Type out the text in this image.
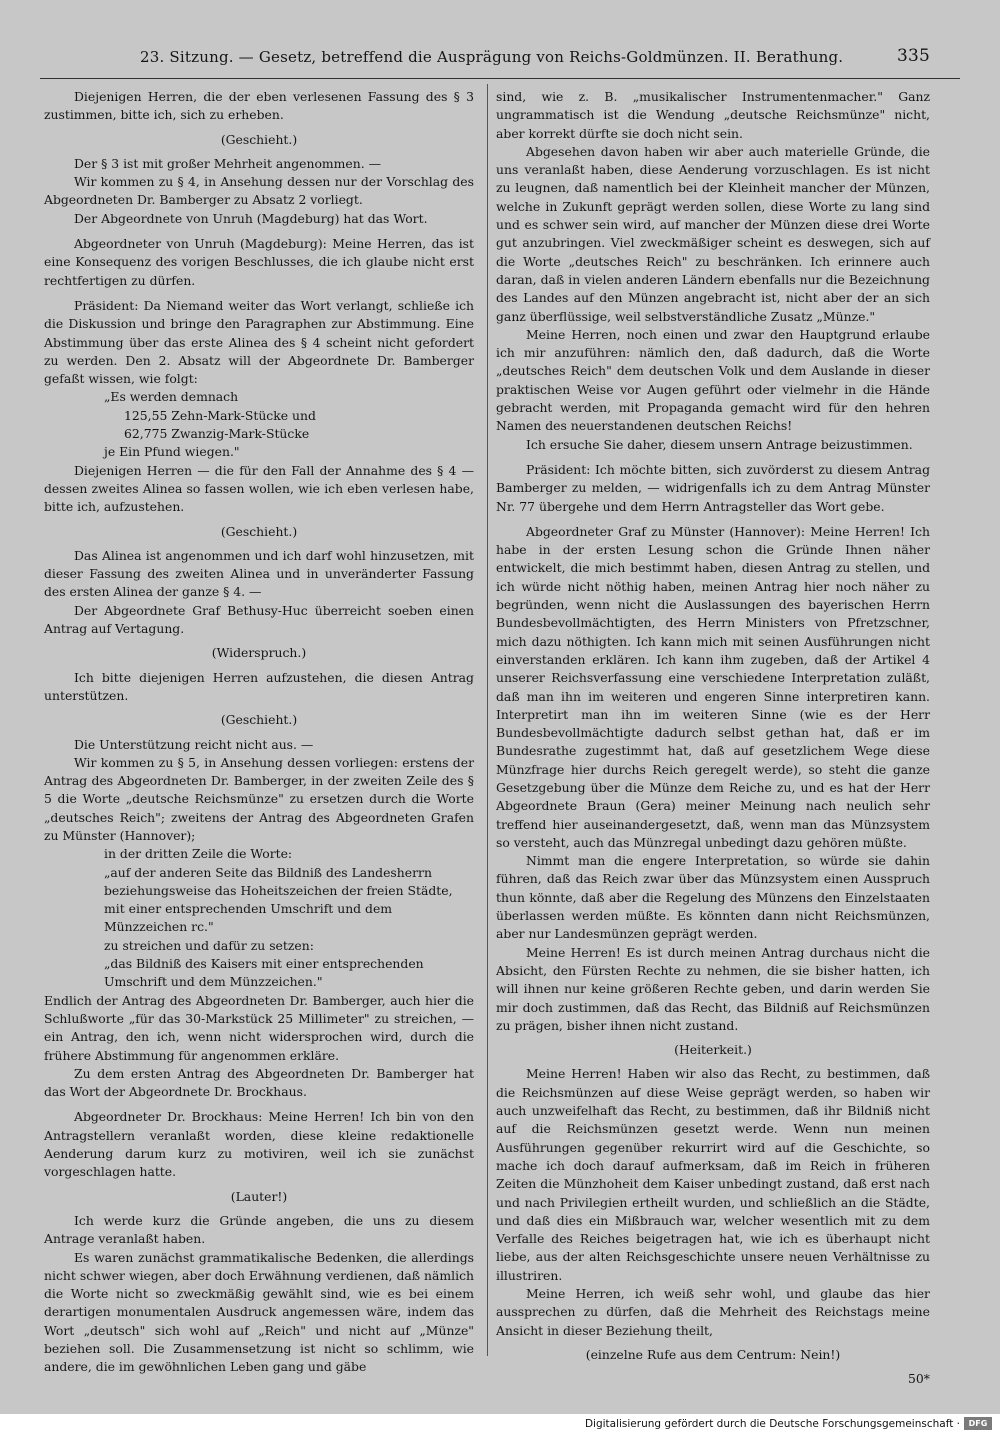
23. Sitzung. — Gesetz, betreffend die Ausprägung von Reichs-Goldmünzen. II. Berathung.	335

Diejenigen Herren, die der eben verlesenen Fassung des § 3 zustimmen, bitte ich, sich zu erheben.

(Geschieht.)

Der § 3 ist mit großer Mehrheit angenommen. —

Wir kommen zu § 4, in Ansehung dessen nur der Vorschlag des Abgeordneten Dr. Bamberger zu Absatz 2 vorliegt.

Der Abgeordnete von Unruh (Magdeburg) hat das Wort.

Abgeordneter von Unruh (Magdeburg): Meine Herren, das ist eine Konsequenz des vorigen Beschlusses, die ich glaube nicht erst rechtfertigen zu dürfen.

Präsident: Da Niemand weiter das Wort verlangt, schließe ich die Diskussion und bringe den Paragraphen zur Abstimmung. Eine Abstimmung über das erste Alinea des § 4 scheint nicht gefordert zu werden. Den 2. Absatz will der Abgeordnete Dr. Bamberger gefaßt wissen, wie folgt:

„Es werden demnach

125,55 Zehn-Mark-Stücke und

62,775 Zwanzig-Mark-Stücke

je Ein Pfund wiegen."

Diejenigen Herren — die für den Fall der Annahme des § 4 — dessen zweites Alinea so fassen wollen, wie ich eben verlesen habe, bitte ich, aufzustehen.

(Geschieht.)

Das Alinea ist angenommen und ich darf wohl hinzusetzen, mit dieser Fassung des zweiten Alinea und in unveränderter Fassung des ersten Alinea der ganze § 4. —

Der Abgeordnete Graf Bethusy-Huc überreicht soeben einen Antrag auf Vertagung.

(Widerspruch.)

Ich bitte diejenigen Herren aufzustehen, die diesen Antrag unterstützen.

(Geschieht.)

Die Unterstützung reicht nicht aus. —

Wir kommen zu § 5, in Ansehung dessen vorliegen: erstens der Antrag des Abgeordneten Dr. Bamberger, in der zweiten Zeile des § 5 die Worte „deutsche Reichsmünze" zu ersetzen durch die Worte „deutsches Reich"; zweitens der Antrag des Abgeordneten Grafen zu Münster (Hannover);

in der dritten Zeile die Worte:

„auf der anderen Seite das Bildniß des Landesherrn beziehungsweise das Hoheitszeichen der freien Städte, mit einer entsprechenden Umschrift und dem Münzzeichen rc."

zu streichen und dafür zu setzen:

„das Bildniß des Kaisers mit einer entsprechenden Umschrift und dem Münzzeichen."

Endlich der Antrag des Abgeordneten Dr. Bamberger, auch hier die Schlußworte „für das 30-Markstück 25 Millimeter" zu streichen, — ein Antrag, den ich, wenn nicht widersprochen wird, durch die frühere Abstimmung für angenommen erkläre.

Zu dem ersten Antrag des Abgeordneten Dr. Bamberger hat das Wort der Abgeordnete Dr. Brockhaus.

Abgeordneter Dr. Brockhaus: Meine Herren! Ich bin von den Antragstellern veranlaßt worden, diese kleine redaktionelle Aenderung darum kurz zu motiviren, weil ich sie zunächst vorgeschlagen hatte.

(Lauter!)

Ich werde kurz die Gründe angeben, die uns zu diesem Antrage veranlaßt haben.

Es waren zunächst grammatikalische Bedenken, die allerdings nicht schwer wiegen, aber doch Erwähnung verdienen, daß nämlich die Worte nicht so zweckmäßig gewählt sind, wie es bei einem derartigen monumentalen Ausdruck angemessen wäre, indem das Wort „deutsch" sich wohl auf „Reich" und nicht auf „Münze" beziehen soll. Die Zusammensetzung ist nicht so schlimm, wie andere, die im gewöhnlichen Leben gang und gäbe

sind, wie z. B. „musikalischer Instrumentenmacher." Ganz ungrammatisch ist die Wendung „deutsche Reichsmünze" nicht, aber korrekt dürfte sie doch nicht sein.

Abgesehen davon haben wir aber auch materielle Gründe, die uns veranlaßt haben, diese Aenderung vorzuschlagen. Es ist nicht zu leugnen, daß namentlich bei der Kleinheit mancher der Münzen, welche in Zukunft geprägt werden sollen, diese Worte zu lang sind und es schwer sein wird, auf mancher der Münzen diese drei Worte gut anzubringen. Viel zweckmäßiger scheint es deswegen, sich auf die Worte „deutsches Reich" zu beschränken. Ich erinnere auch daran, daß in vielen anderen Ländern ebenfalls nur die Bezeichnung des Landes auf den Münzen angebracht ist, nicht aber der an sich ganz überflüssige, weil selbstverständliche Zusatz „Münze."

Meine Herren, noch einen und zwar den Hauptgrund erlaube ich mir anzuführen: nämlich den, daß dadurch, daß die Worte „deutsches Reich" dem deutschen Volk und dem Auslande in dieser praktischen Weise vor Augen geführt oder vielmehr in die Hände gebracht werden, mit Propaganda gemacht wird für den hehren Namen des neuerstandenen deutschen Reichs!

Ich ersuche Sie daher, diesem unsern Antrage beizustimmen.

Präsident: Ich möchte bitten, sich zuvörderst zu diesem Antrag Bamberger zu melden, — widrigenfalls ich zu dem Antrag Münster Nr. 77 übergehe und dem Herrn Antragsteller das Wort gebe.

Abgeordneter Graf zu Münster (Hannover): Meine Herren! Ich habe in der ersten Lesung schon die Gründe Ihnen näher entwickelt, die mich bestimmt haben, diesen Antrag zu stellen, und ich würde nicht nöthig haben, meinen Antrag hier noch näher zu begründen, wenn nicht die Auslassungen des bayerischen Herrn Bundesbevollmächtigten, des Herrn Ministers von Pfretzschner, mich dazu nöthigten. Ich kann mich mit seinen Ausführungen nicht einverstanden erklären. Ich kann ihm zugeben, daß der Artikel 4 unserer Reichsverfassung eine verschiedene Interpretation zuläßt, daß man ihn im weiteren und engeren Sinne interpretiren kann. Interpretirt man ihn im weiteren Sinne (wie es der Herr Bundesbevollmächtigte dadurch selbst gethan hat, daß er im Bundesrathe zugestimmt hat, daß auf gesetzlichem Wege diese Münzfrage hier durchs Reich geregelt werde), so steht die ganze Gesetzgebung über die Münze dem Reiche zu, und es hat der Herr Abgeordnete Braun (Gera) meiner Meinung nach neulich sehr treffend hier auseinandergesetzt, daß, wenn man das Münzsystem so versteht, auch das Münzregal unbedingt dazu gehören müßte.

Nimmt man die engere Interpretation, so würde sie dahin führen, daß das Reich zwar über das Münzsystem einen Ausspruch thun könnte, daß aber die Regelung des Münzens den Einzelstaaten überlassen werden müßte. Es könnten dann nicht Reichsmünzen, aber nur Landesmünzen geprägt werden.

Meine Herren! Es ist durch meinen Antrag durchaus nicht die Absicht, den Fürsten Rechte zu nehmen, die sie bisher hatten, ich will ihnen nur keine größeren Rechte geben, und darin werden Sie mir doch zustimmen, daß das Recht, das Bildniß auf Reichsmünzen zu prägen, bisher ihnen nicht zustand.

(Heiterkeit.)

Meine Herren! Haben wir also das Recht, zu bestimmen, daß die Reichsmünzen auf diese Weise geprägt werden, so haben wir auch unzweifelhaft das Recht, zu bestimmen, daß ihr Bildniß nicht auf die Reichsmünzen gesetzt werde. Wenn nun meinen Ausführungen gegenüber rekurrirt wird auf die Geschichte, so mache ich doch darauf aufmerksam, daß im Reich in früheren Zeiten die Münzhoheit dem Kaiser unbedingt zustand, daß erst nach und nach Privilegien ertheilt wurden, und schließlich an die Städte, und daß dies ein Mißbrauch war, welcher wesentlich mit zu dem Verfalle des Reiches beigetragen hat, wie ich es überhaupt nicht liebe, aus der alten Reichsgeschichte unsere neuen Verhältnisse zu illustriren.

Meine Herren, ich weiß sehr wohl, und glaube das hier aussprechen zu dürfen, daß die Mehrheit des Reichstags meine Ansicht in dieser Beziehung theilt,

(einzelne Rufe aus dem Centrum: Nein!)

50*

Digitalisierung gefördert durch die Deutsche Forschungsgemeinschaft ·	DFG
